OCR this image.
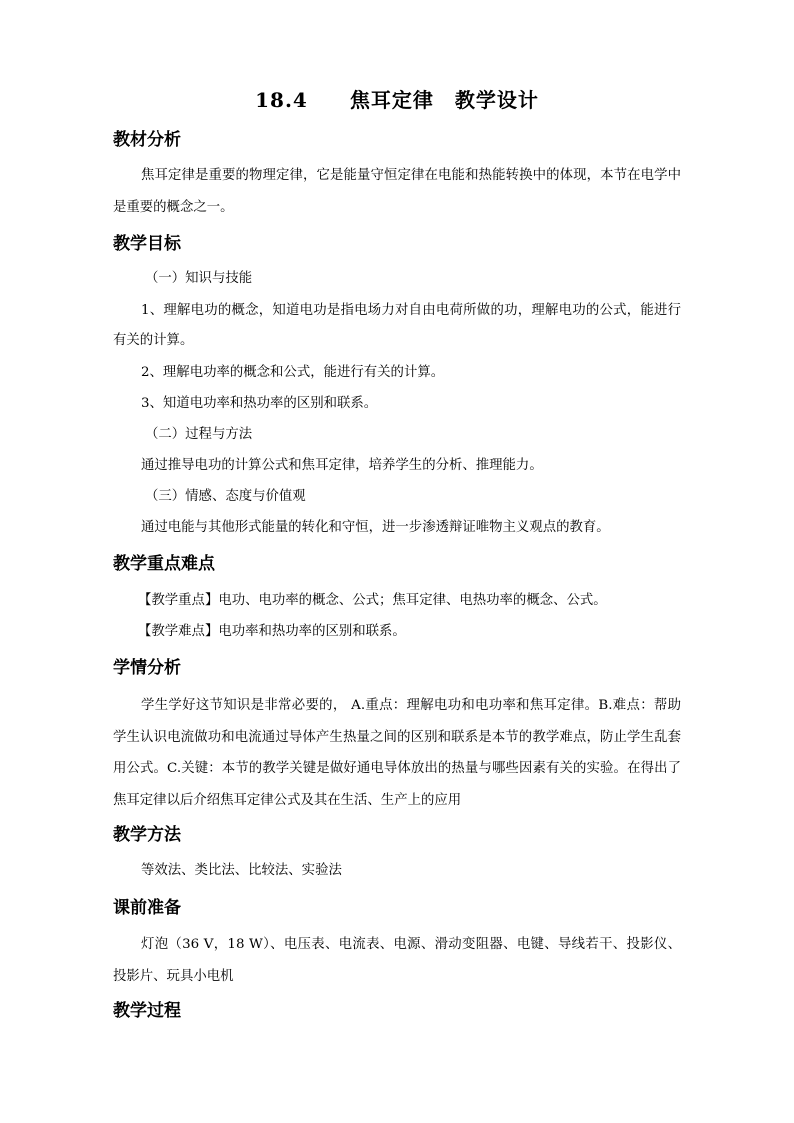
18.4　　焦耳定律　教学设计
教材分析
焦耳定律是重要的物理定律，它是能量守恒定律在电能和热能转换中的体现，本节在电学中是重要的概念之一。
教学目标
（一）知识与技能
1、理解电功的概念，知道电功是指电场力对自由电荷所做的功，理解电功的公式，能进行有关的计算。
2、理解电功率的概念和公式，能进行有关的计算。
3、知道电功率和热功率的区别和联系。
（二）过程与方法
通过推导电功的计算公式和焦耳定律，培养学生的分析、推理能力。
（三）情感、态度与价值观
通过电能与其他形式能量的转化和守恒，进一步渗透辩证唯物主义观点的教育。
教学重点难点
【教学重点】电功、电功率的概念、公式；焦耳定律、电热功率的概念、公式。
【教学难点】电功率和热功率的区别和联系。
学情分析
学生学好这节知识是非常必要的， A.重点：理解电功和电功率和焦耳定律。B.难点：帮助学生认识电流做功和电流通过导体产生热量之间的区别和联系是本节的教学难点，防止学生乱套用公式。C.关键：本节的教学关键是做好通电导体放出的热量与哪些因素有关的实验。在得出了焦耳定律以后介绍焦耳定律公式及其在生活、生产上的应用
教学方法
等效法、类比法、比较法、实验法
课前准备
灯泡（36 V，18 W）、电压表、电流表、电源、滑动变阻器、电键、导线若干、投影仪、投影片、玩具小电机
教学过程
